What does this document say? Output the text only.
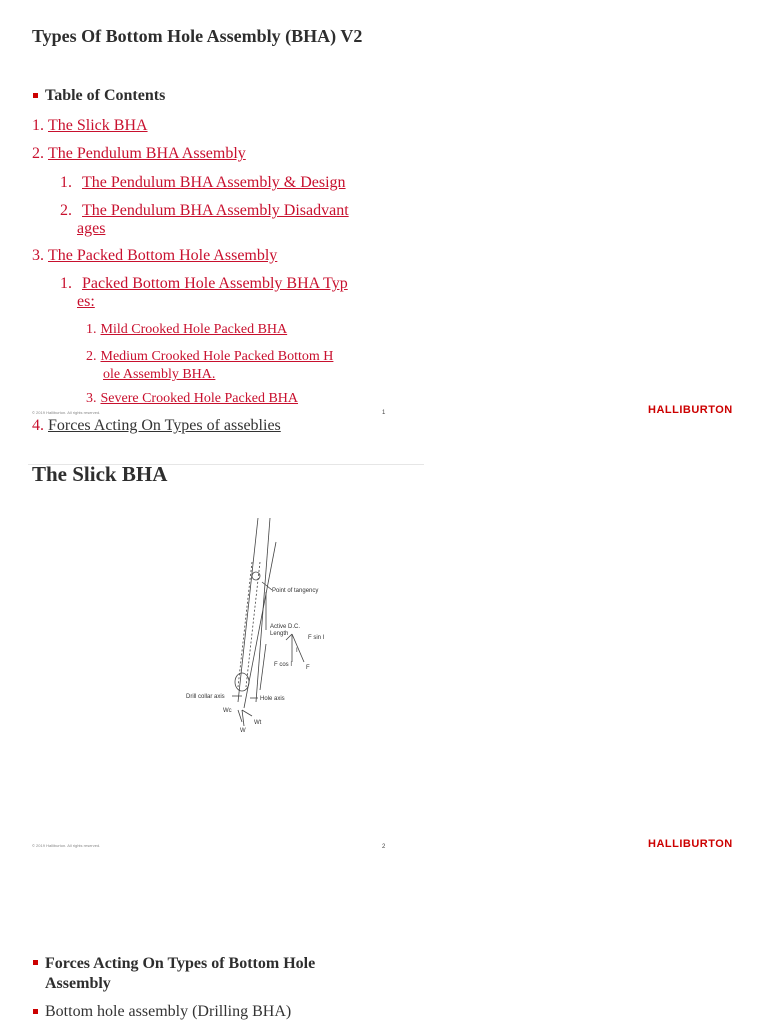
Types Of Bottom Hole Assembly (BHA) V2
Table of Contents
1. The Slick BHA
2. The Pendulum BHA Assembly
1. The Pendulum BHA Assembly & Design
2. The Pendulum BHA Assembly Disadvant
ages
3. The Packed Bottom Hole Assembly
1. Packed Bottom Hole Assembly BHA Typ
es:
1. Mild Crooked Hole Packed BHA
2. Medium Crooked Hole Packed Bottom H
ole Assembly BHA.
3. Severe Crooked Hole Packed BHA
© 2019 Halliburton. All rights reserved.	1	HALLIBURTON
4. Forces Acting On Types of asseblies
The Slick BHA
Point of tangency
Active D.C.
Length
F sin I
I
F cos I F
Drill collar axis	Hole axis
Wc
Wt
W
© 2019 Halliburton. All rights reserved.	2	HALLIBURTON
Forces Acting On Types of Bottom Hole
Assembly
Bottom hole assembly (Drilling BHA)
